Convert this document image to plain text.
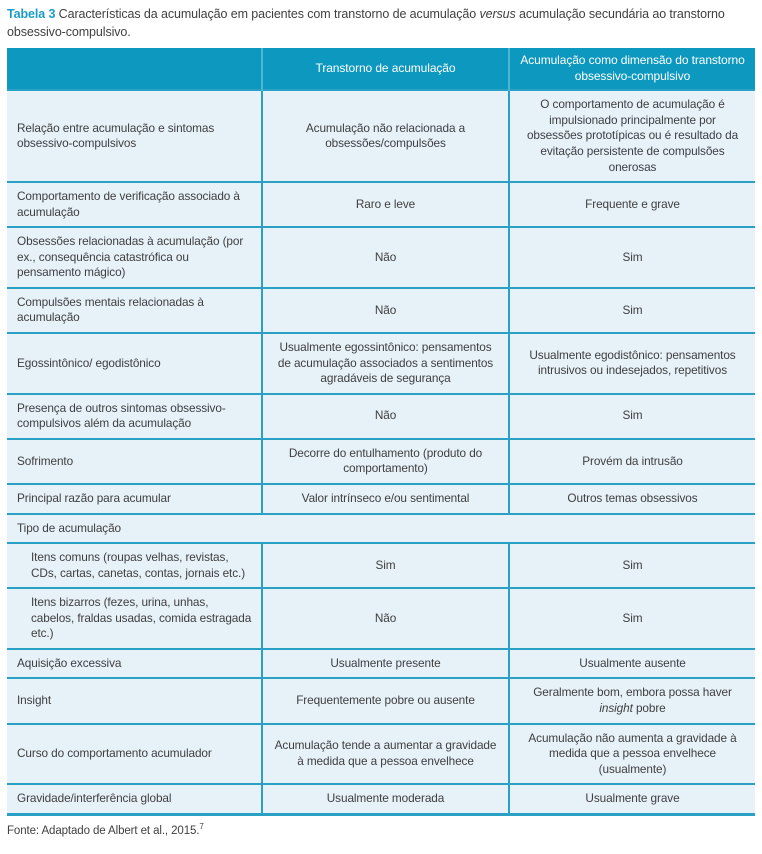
Tabela 3 Características da acumulação em pacientes com transtorno de acumulação versus acumulação secundária ao transtorno obsessivo-compulsivo.

	Transtorno de acumulação	Acumulação como dimensão do transtorno obsessivo-compulsivo
Relação entre acumulação e sintomas obsessivo-compulsivos	Acumulação não relacionada a obsessões/compulsões	O comportamento de acumulação é impulsionado principalmente por obsessões prototípicas ou é resultado da evitação persistente de compulsões onerosas
Comportamento de verificação associado à acumulação	Raro e leve	Frequente e grave
Obsessões relacionadas à acumulação (por ex., consequência catastrófica ou pensamento mágico)	Não	Sim
Compulsões mentais relacionadas à acumulação	Não	Sim
Egossintônico/ egodistônico	Usualmente egossintônico: pensamentos de acumulação associados a sentimentos agradáveis de segurança	Usualmente egodistônico: pensamentos intrusivos ou indesejados, repetitivos
Presença de outros sintomas obsessivo-compulsivos além da acumulação	Não	Sim
Sofrimento	Decorre do entulhamento (produto do comportamento)	Provém da intrusão
Principal razão para acumular	Valor intrínseco e/ou sentimental	Outros temas obsessivos
Tipo de acumulação		
Itens comuns (roupas velhas, revistas, CDs, cartas, canetas, contas, jornais etc.)	Sim	Sim
Itens bizarros (fezes, urina, unhas, cabelos, fraldas usadas, comida estragada etc.)	Não	Sim
Aquisição excessiva	Usualmente presente	Usualmente ausente
Insight	Frequentemente pobre ou ausente	Geralmente bom, embora possa haver insight pobre
Curso do comportamento acumulador	Acumulação tende a aumentar a gravidade à medida que a pessoa envelhece	Acumulação não aumenta a gravidade à medida que a pessoa envelhece (usualmente)
Gravidade/interferência global	Usualmente moderada	Usualmente grave

Fonte: Adaptado de Albert et al., 2015.$^7$
